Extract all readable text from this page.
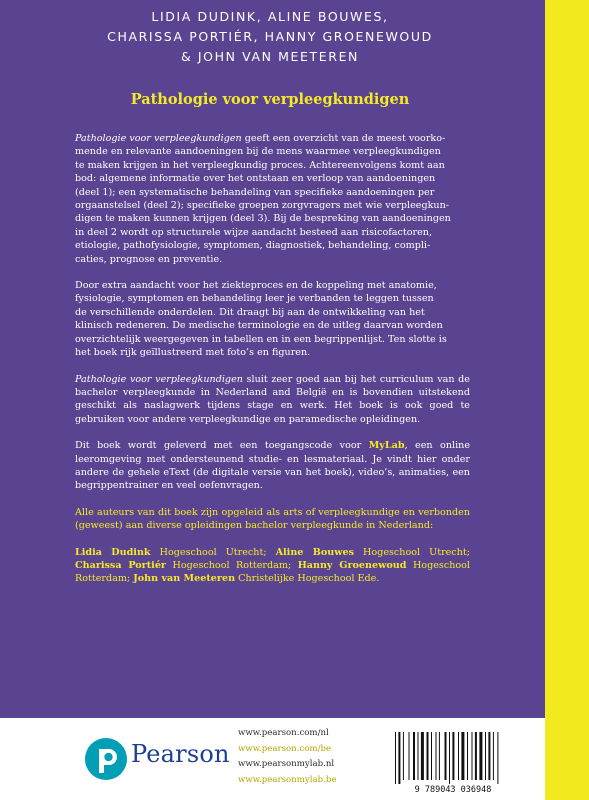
LIDIA DUDINK, ALINE BOUWES,
CHARISSA PORTIÉR, HANNY GROENEWOUD
& JOHN VAN MEETEREN
Pathologie voor verpleegkundigen

Pathologie voor verpleegkundigen geeft een overzicht van de meest voorko-
mende en relevante aandoeningen bij de mens waarmee verpleegkundigen
te maken krijgen in het verpleegkundig proces. Achtereenvolgens komt aan
bod: algemene informatie over het ontstaan en verloop van aandoeningen
(deel 1); een systematische behandeling van specifieke aandoeningen per
orgaanstelsel (deel 2); specifieke groepen zorgvragers met wie verpleegkun-
digen te maken kunnen krijgen (deel 3). Bij de bespreking van aandoeningen
in deel 2 wordt op structurele wijze aandacht besteed aan risicofactoren,
etiologie, pathofysiologie, symptomen, diagnostiek, behandeling, compli-
caties, prognose en preventie.

Door extra aandacht voor het ziekteproces en de koppeling met anatomie,
fysiologie, symptomen en behandeling leer je verbanden te leggen tussen
de verschillende onderdelen. Dit draagt bij aan de ontwikkeling van het
klinisch redeneren. De medische terminologie en de uitleg daarvan worden
overzichtelijk weergegeven in tabellen en in een begrippenlijst. Ten slotte is
het boek rijk geïllustreerd met foto’s en figuren.

Pathologie voor verpleegkundigen sluit zeer goed aan bij het curriculum van de bachelor verpleegkunde in Nederland and België en is bovendien uitstekend geschikt als naslagwerk tijdens stage en werk. Het boek is ook goed te gebruiken voor andere verpleegkundige en paramedische opleidingen.

Dit boek wordt geleverd met een toegangscode voor MyLab, een online leeromgeving met ondersteunend studie- en lesmateriaal. Je vindt hier onder andere de gehele eText (de digitale versie van het boek), video’s, animaties, een begrippentrainer en veel oefenvragen.

Alle auteurs van dit boek zijn opgeleid als arts of verpleegkundige en verbonden (geweest) aan diverse opleidingen bachelor verpleegkunde in Nederland:

Lidia Dudink Hogeschool Utrecht; Aline Bouwes Hogeschool Utrecht; Charissa Portiér Hogeschool Rotterdam; Hanny Groenewoud Hogeschool Rotterdam; John van Meeteren Christelijke Hogeschool Ede.

Pearson
www.pearson.com/nl
www.pearson.com/be
www.pearsonmylab.nl
www.pearsonmylab.be
9 789043 036948
